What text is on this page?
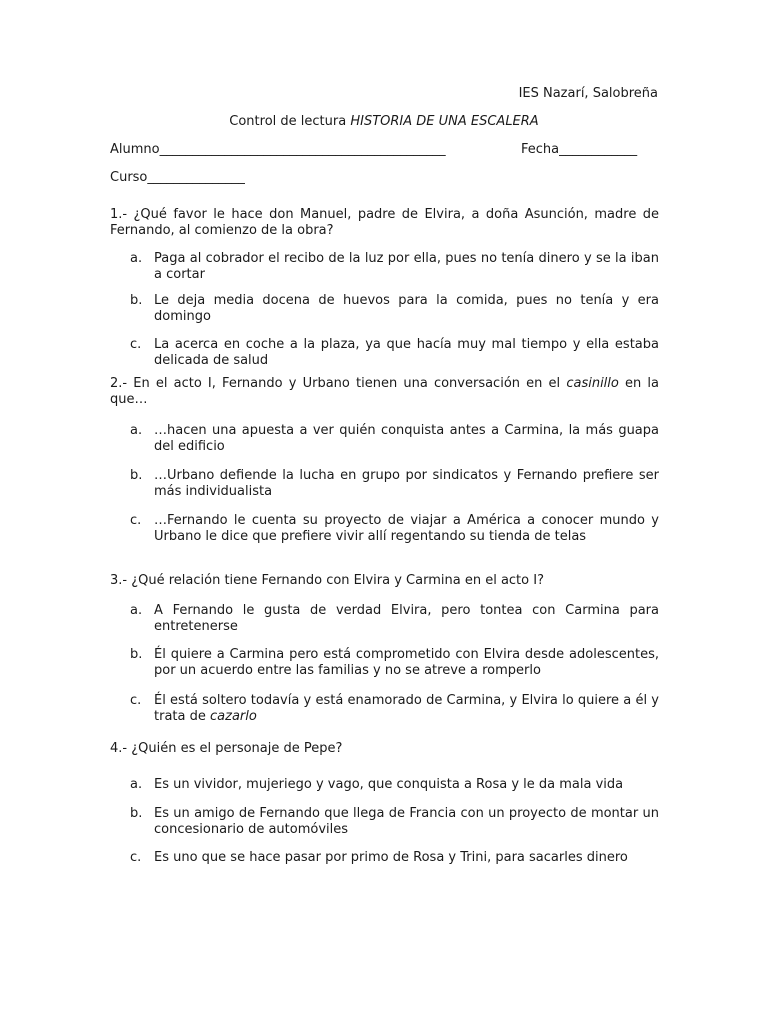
IES Nazarí, Salobreña
Control de lectura HISTORIA DE UNA ESCALERA
Alumno____________________________________________	Fecha____________
Curso_______________
1.- ¿Qué favor le hace don Manuel, padre de Elvira, a doña Asunción, madre de Fernando, al comienzo de la obra?
a. Paga al cobrador el recibo de la luz por ella, pues no tenía dinero y se la iban a cortar
b. Le deja media docena de huevos para la comida, pues no tenía y era domingo
c. La acerca en coche a la plaza, ya que hacía muy mal tiempo y ella estaba delicada de salud
2.- En el acto I, Fernando y Urbano tienen una conversación en el casinillo en la que…
a. …hacen una apuesta a ver quién conquista antes a Carmina, la más guapa del edificio
b. …Urbano defiende la lucha en grupo por sindicatos y Fernando prefiere ser más individualista
c. …Fernando le cuenta su proyecto de viajar a América a conocer mundo y Urbano le dice que prefiere vivir allí regentando su tienda de telas
3.- ¿Qué relación tiene Fernando con Elvira y Carmina en el acto I?
a. A Fernando le gusta de verdad Elvira, pero tontea con Carmina para entretenerse
b. Él quiere a Carmina pero está comprometido con Elvira desde adolescentes, por un acuerdo entre las familias y no se atreve a romperlo
c. Él está soltero todavía y está enamorado de Carmina, y Elvira lo quiere a él y trata de cazarlo
4.- ¿Quién es el personaje de Pepe?
a. Es un vividor, mujeriego y vago, que conquista a Rosa y le da mala vida
b. Es un amigo de Fernando que llega de Francia con un proyecto de montar un concesionario de automóviles
c. Es uno que se hace pasar por primo de Rosa y Trini, para sacarles dinero
